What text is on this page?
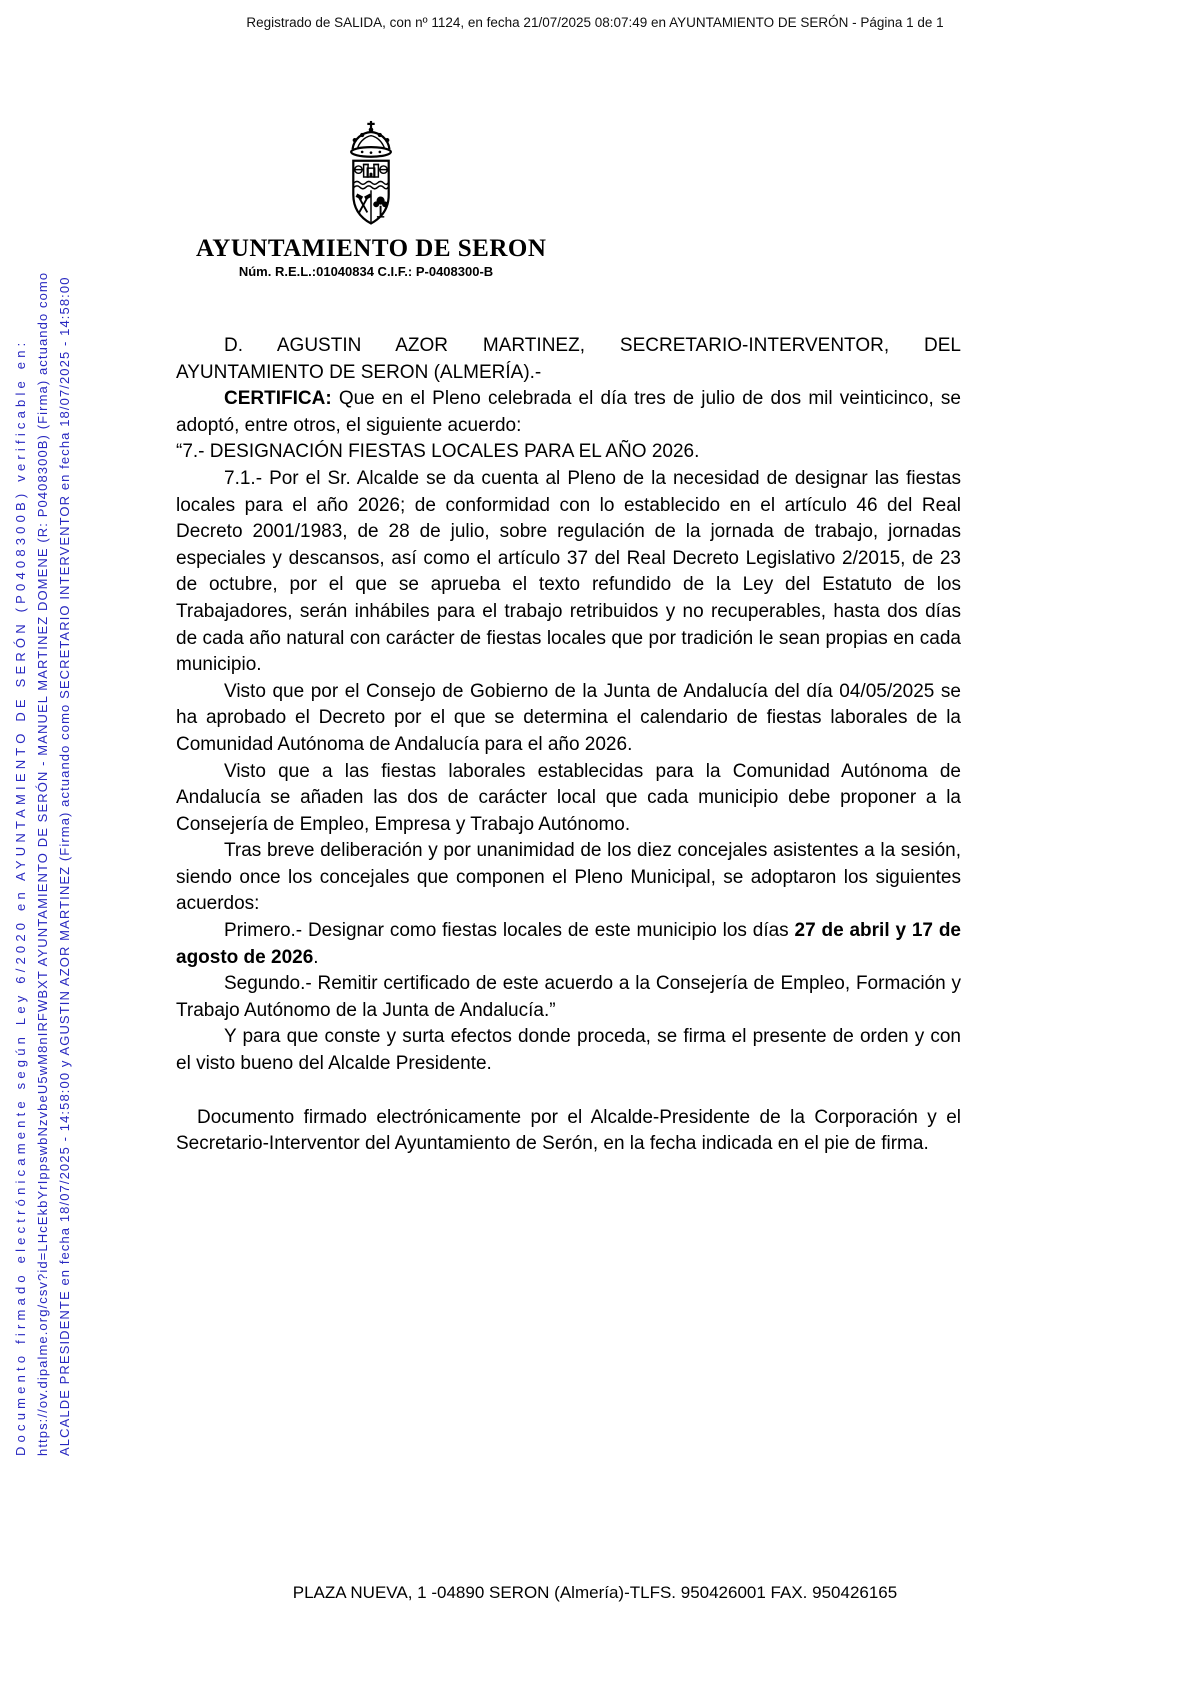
Registrado de SALIDA, con nº 1124, en fecha 21/07/2025 08:07:49 en AYUNTAMIENTO DE SERÓN - Página 1 de 1
Documento firmado electrónicamente según Ley 6/2020 en AYUNTAMIENTO DE SERÓN (P0408300B) verificable en: https://ov.dipalme.org/csv?id=LHcEkbYrIppswbNzvbeU5wM8nIRFWBXT AYUNTAMIENTO DE SERÓN - MANUEL MARTINEZ DOMENE (R: P0408300B) (Firma) actuando como ALCALDE PRESIDENTE en fecha 18/07/2025 - 14:58:00 y AGUSTIN AZOR MARTINEZ (Firma) actuando como SECRETARIO INTERVENTOR en fecha 18/07/2025 - 14:58:00
AYUNTAMIENTO DE SERON
Núm. R.E.L.:01040834 C.I.F.: P-0408300-B

D. AGUSTIN AZOR MARTINEZ, SECRETARIO-INTERVENTOR, DEL AYUNTAMIENTO DE SERON (ALMERÍA).-

CERTIFICA: Que en el Pleno celebrada el día tres de julio de dos mil veinticinco, se adoptó, entre otros, el siguiente acuerdo:

“7.- DESIGNACIÓN FIESTAS LOCALES PARA EL AÑO 2026.

7.1.- Por el Sr. Alcalde se da cuenta al Pleno de la necesidad de designar las fiestas locales para el año 2026; de conformidad con lo establecido en el artículo 46 del Real Decreto 2001/1983, de 28 de julio, sobre regulación de la jornada de trabajo, jornadas especiales y descansos, así como el artículo 37 del Real Decreto Legislativo 2/2015, de 23 de octubre, por el que se aprueba el texto refundido de la Ley del Estatuto de los Trabajadores, serán inhábiles para el trabajo retribuidos y no recuperables, hasta dos días de cada año natural con carácter de fiestas locales que por tradición le sean propias en cada municipio.

Visto que por el Consejo de Gobierno de la Junta de Andalucía del día 04/05/2025 se ha aprobado el Decreto por el que se determina el calendario de fiestas laborales de la Comunidad Autónoma de Andalucía para el año 2026.

Visto que a las fiestas laborales establecidas para la Comunidad Autónoma de Andalucía se añaden las dos de carácter local que cada municipio debe proponer a la Consejería de Empleo, Empresa y Trabajo Autónomo.

Tras breve deliberación y por unanimidad de los diez concejales asistentes a la sesión, siendo once los concejales que componen el Pleno Municipal, se adoptaron los siguientes acuerdos:

Primero.- Designar como fiestas locales de este municipio los días 27 de abril y 17 de agosto de 2026.

Segundo.- Remitir certificado de este acuerdo a la Consejería de Empleo, Formación y Trabajo Autónomo de la Junta de Andalucía.”

Y para que conste y surta efectos donde proceda, se firma el presente de orden y con el visto bueno del Alcalde Presidente.

Documento firmado electrónicamente por el Alcalde-Presidente de la Corporación y el Secretario-Interventor del Ayuntamiento de Serón, en la fecha indicada en el pie de firma.

PLAZA NUEVA, 1 -04890 SERON (Almería)-TLFS. 950426001 FAX. 950426165
